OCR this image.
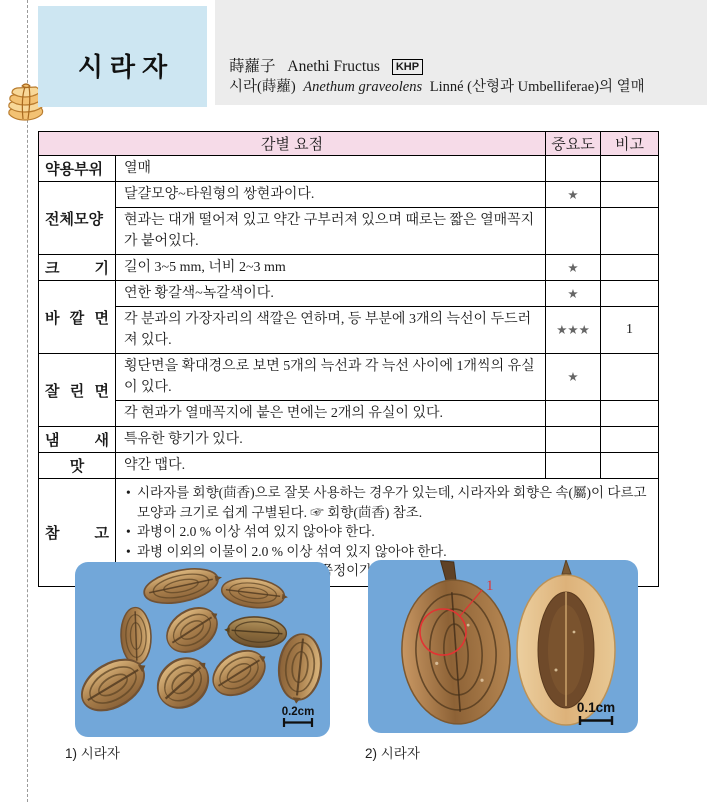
시라자	蒔蘿子 Anethi Fructus KHP
시라(蒔蘿) Anethum graveolens Linné (산형과 Umbelliferae)의 열매
감별 요점		중요도	비고
약용부위	열매		
전체모양	달걀모양~타원형의 쌍현과이다.	★	
	현과는 대개 떨어져 있고 약간 구부러져 있으며 때로는 짧은 열매꼭지가 붙어있다.		
크 기	길이 3~5 mm, 너비 2~3 mm	★	
바 깥 면	연한 황갈색~녹갈색이다.	★	
	각 분과의 가장자리의 색깔은 연하며, 등 부분에 3개의 늑선이 두드러져 있다.	★★★	1
잘 린 면	횡단면을 확대경으로 보면 5개의 늑선과 각 늑선 사이에 1개씩의 유실이 있다.	★	
	각 현과가 열매꼭지에 붙은 면에는 2개의 유실이 있다.		
냄 새	특유한 향기가 있다.		
맛	약간 맵다.		
참 고	• 시라자를 회향(茴香)으로 잘못 사용하는 경우가 있는데, 시라자와 회향은 속(屬)이 다르고 모양과 크기로 쉽게 구별된다. ☞ 회향(茴香) 참조.
• 과병이 2.0 % 이상 섞여 있지 않아야 한다.
• 과병 이외의 이물이 2.0 % 이상 섞여 있지 않아야 한다.
• 쭉정이가
0.2cm
1
0.1cm
1) 시라자	2) 시라자
